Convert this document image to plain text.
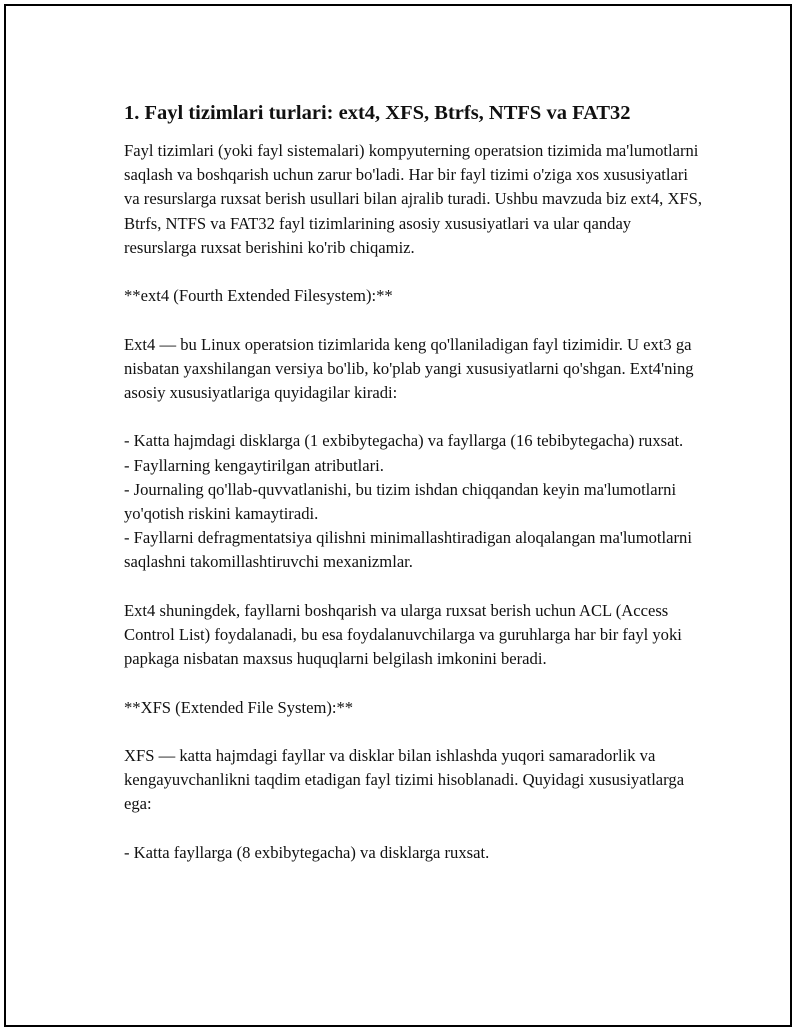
1. Fayl tizimlari turlari: ext4, XFS, Btrfs, NTFS va FAT32

Fayl tizimlari (yoki fayl sistemalari) kompyuterning operatsion tizimida ma'lumotlarni saqlash va boshqarish uchun zarur bo'ladi. Har bir fayl tizimi o'ziga xos xususiyatlari va resurslarga ruxsat berish usullari bilan ajralib turadi. Ushbu mavzuda biz ext4, XFS, Btrfs, NTFS va FAT32 fayl tizimlarining asosiy xususiyatlari va ular qanday resurslarga ruxsat berishini ko'rib chiqamiz.

**ext4 (Fourth Extended Filesystem):**

Ext4 — bu Linux operatsion tizimlarida keng qo'llaniladigan fayl tizimidir. U ext3 ga nisbatan yaxshilangan versiya bo'lib, ko'plab yangi xususiyatlarni qo'shgan. Ext4'ning asosiy xususiyatlariga quyidagilar kiradi:

- Katta hajmdagi disklarga (1 exbibytegacha) va fayllarga (16 tebibytegacha) ruxsat.
- Fayllarning kengaytirilgan atributlari.
- Journaling qo'llab-quvvatlanishi, bu tizim ishdan chiqqandan keyin ma'lumotlarni yo'qotish riskini kamaytiradi.
- Fayllarni defragmentatsiya qilishni minimallashtiradigan aloqalangan ma'lumotlarni saqlashni takomillashtiruvchi mexanizmlar.

Ext4 shuningdek, fayllarni boshqarish va ularga ruxsat berish uchun ACL (Access Control List) foydalanadi, bu esa foydalanuvchilarga va guruhlarga har bir fayl yoki papkaga nisbatan maxsus huquqlarni belgilash imkonini beradi.

**XFS (Extended File System):**

XFS — katta hajmdagi fayllar va disklar bilan ishlashda yuqori samaradorlik va kengayuvchanlikni taqdim etadigan fayl tizimi hisoblanadi. Quyidagi xususiyatlarga ega:

- Katta fayllarga (8 exbibytegacha) va disklarga ruxsat.
